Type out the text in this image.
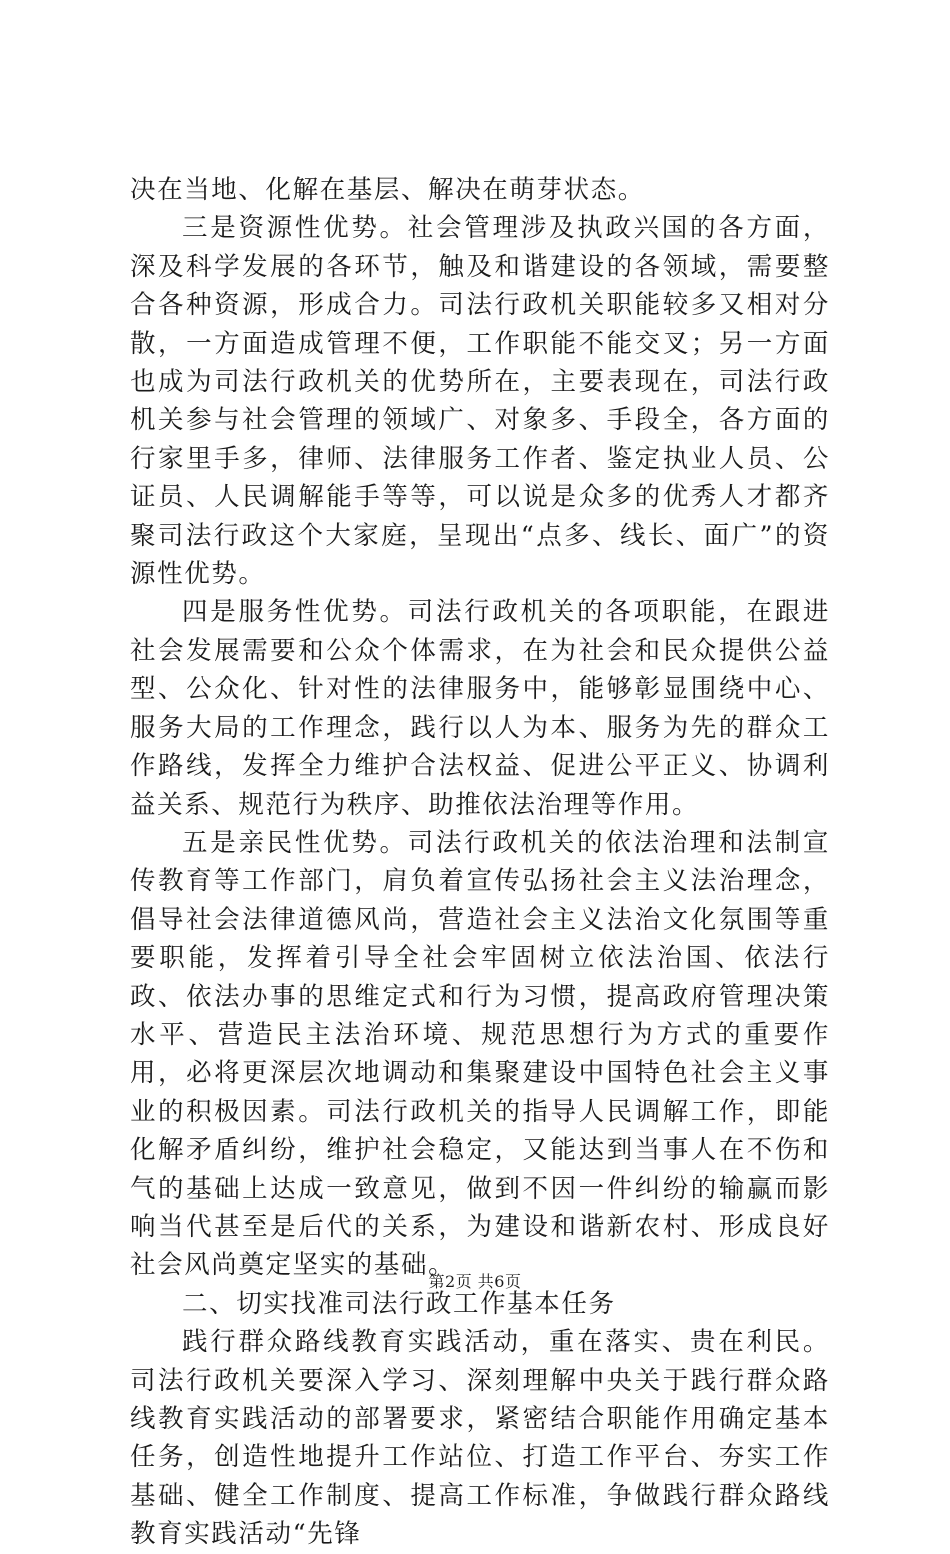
决在当地、化解在基层、解决在萌芽状态。

三是资源性优势。社会管理涉及执政兴国的各方面，深及科学发展的各环节，触及和谐建设的各领域，需要整合各种资源，形成合力。司法行政机关职能较多又相对分散，一方面造成管理不便，工作职能不能交叉；另一方面也成为司法行政机关的优势所在，主要表现在，司法行政机关参与社会管理的领域广、对象多、手段全，各方面的行家里手多，律师、法律服务工作者、鉴定执业人员、公证员、人民调解能手等等，可以说是众多的优秀人才都齐聚司法行政这个大家庭，呈现出“点多、线长、面广”的资源性优势。

四是服务性优势。司法行政机关的各项职能，在跟进社会发展需要和公众个体需求，在为社会和民众提供公益型、公众化、针对性的法律服务中，能够彰显围绕中心、服务大局的工作理念，践行以人为本、服务为先的群众工作路线，发挥全力维护合法权益、促进公平正义、协调利益关系、规范行为秩序、助推依法治理等作用。

五是亲民性优势。司法行政机关的依法治理和法制宣传教育等工作部门，肩负着宣传弘扬社会主义法治理念，倡导社会法律道德风尚，营造社会主义法治文化氛围等重要职能，发挥着引导全社会牢固树立依法治国、依法行政、依法办事的思维定式和行为习惯，提高政府管理决策水平、营造民主法治环境、规范思想行为方式的重要作用，必将更深层次地调动和集聚建设中国特色社会主义事业的积极因素。司法行政机关的指导人民调解工作，即能化解矛盾纠纷，维护社会稳定，又能达到当事人在不伤和气的基础上达成一致意见，做到不因一件纠纷的输赢而影响当代甚至是后代的关系，为建设和谐新农村、形成良好社会风尚奠定坚实的基础。

二、切实找准司法行政工作基本任务

践行群众路线教育实践活动，重在落实、贵在利民。司法行政机关要深入学习、深刻理解中央关于践行群众路线教育实践活动的部署要求，紧密结合职能作用确定基本任务，创造性地提升工作站位、打造工作平台、夯实工作基础、健全工作制度、提高工作标准，争做践行群众路线教育实践活动“先锋

第2页 共6页
